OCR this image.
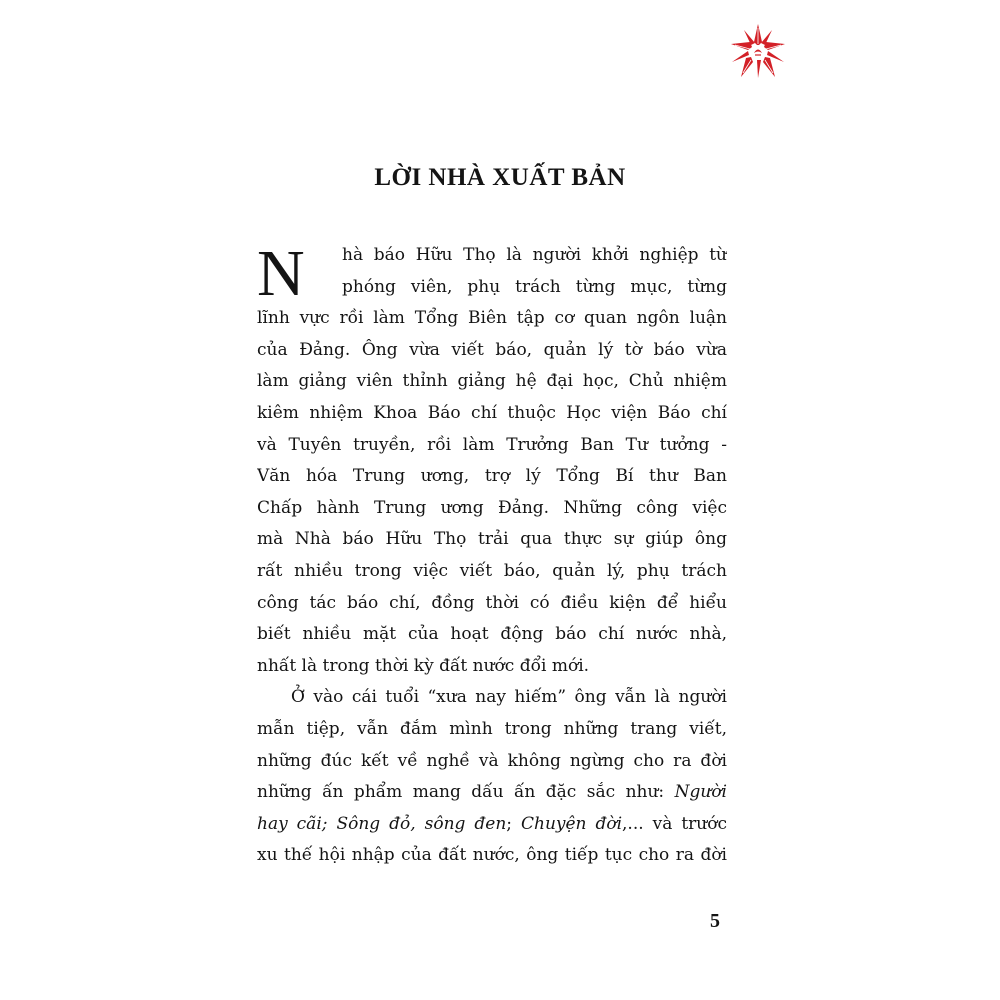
LỜI NHÀ XUẤT BẢN
N hà báo Hữu Thọ là người khởi nghiệp từ
phóng viên, phụ trách từng mục, từng
lĩnh vực rồi làm Tổng Biên tập cơ quan ngôn luận
của Đảng. Ông vừa viết báo, quản lý tờ báo vừa
làm giảng viên thỉnh giảng hệ đại học, Chủ nhiệm
kiêm nhiệm Khoa Báo chí thuộc Học viện Báo chí
và Tuyên truyền, rồi làm Trưởng Ban Tư tưởng -
Văn hóa Trung ương, trợ lý Tổng Bí thư Ban
Chấp hành Trung ương Đảng. Những công việc
mà Nhà báo Hữu Thọ trải qua thực sự giúp ông
rất nhiều trong việc viết báo, quản lý, phụ trách
công tác báo chí, đồng thời có điều kiện để hiểu
biết nhiều mặt của hoạt động báo chí nước nhà,
nhất là trong thời kỳ đất nước đổi mới.
Ở vào cái tuổi “xưa nay hiếm” ông vẫn là người
mẫn tiệp, vẫn đắm mình trong những trang viết,
những đúc kết về nghề và không ngừng cho ra đời
những ấn phẩm mang dấu ấn đặc sắc như: Người
hay cãi; Sông đỏ, sông đen; Chuyện đời,... và trước
xu thế hội nhập của đất nước, ông tiếp tục cho ra đời
5
